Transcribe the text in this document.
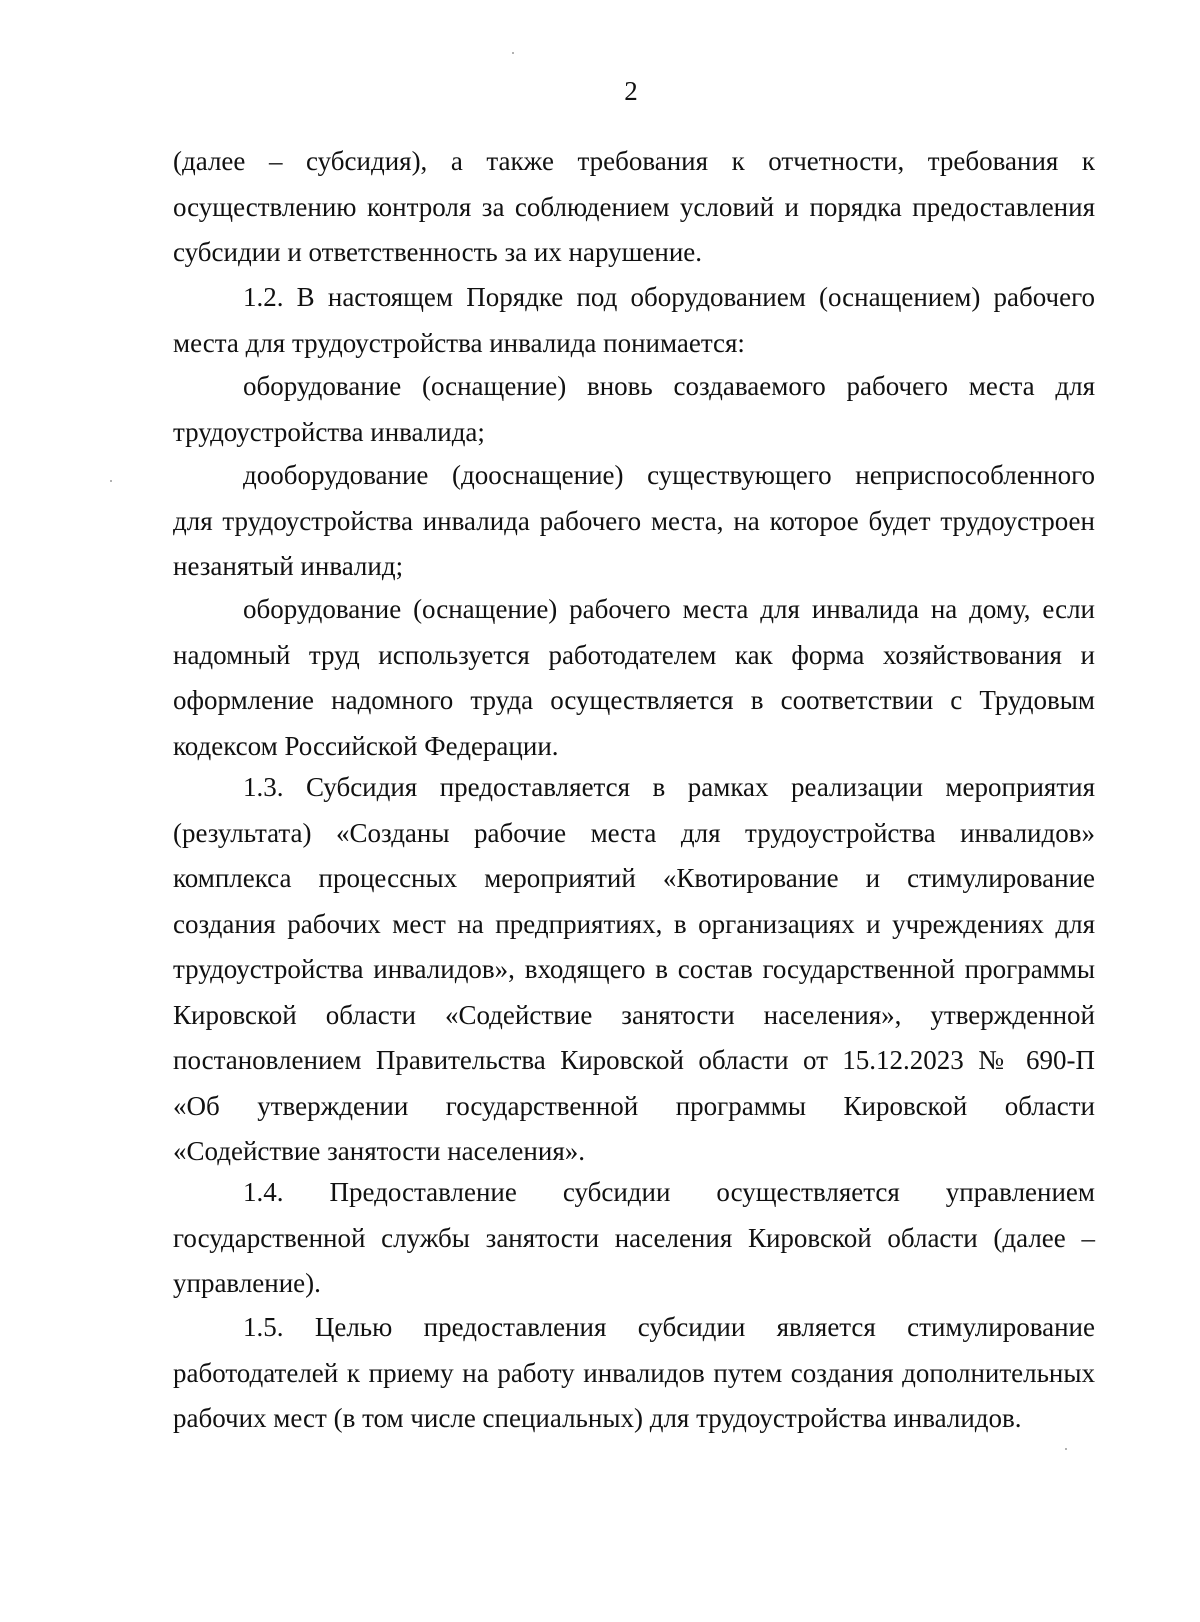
2
(далее – субсидия), а также требования к отчетности, требования к
осуществлению контроля за соблюдением условий и порядка предоставления
субсидии и ответственность за их нарушение.
1.2. В настоящем Порядке под оборудованием (оснащением) рабочего
места для трудоустройства инвалида понимается:
оборудование (оснащение) вновь создаваемого рабочего места для
трудоустройства инвалида;
дооборудование (дооснащение) существующего неприспособленного
для трудоустройства инвалида рабочего места, на которое будет трудоустроен
незанятый инвалид;
оборудование (оснащение) рабочего места для инвалида на дому, если
надомный труд используется работодателем как форма хозяйствования и
оформление надомного труда осуществляется в соответствии с Трудовым
кодексом Российской Федерации.
1.3. Субсидия предоставляется в рамках реализации мероприятия
(результата) «Созданы рабочие места для трудоустройства инвалидов»
комплекса процессных мероприятий «Квотирование и стимулирование
создания рабочих мест на предприятиях, в организациях и учреждениях для
трудоустройства инвалидов», входящего в состав государственной программы
Кировской области «Содействие занятости населения», утвержденной
постановлением Правительства Кировской области от 15.12.2023 № 690-П
«Об утверждении государственной программы Кировской области
«Содействие занятости населения».
1.4. Предоставление субсидии осуществляется управлением
государственной службы занятости населения Кировской области (далее –
управление).
1.5. Целью предоставления субсидии является стимулирование
работодателей к приему на работу инвалидов путем создания дополнительных
рабочих мест (в том числе специальных) для трудоустройства инвалидов.
